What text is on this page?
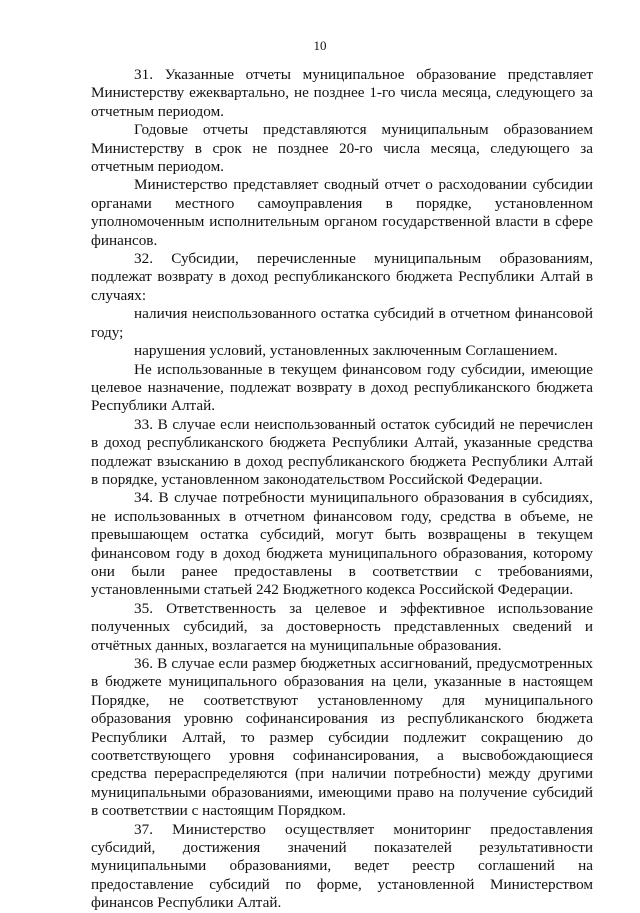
10

31. Указанные отчеты муниципальное образование представляет Министерству ежеквартально, не позднее 1-го числа месяца, следующего за отчетным периодом.

Годовые отчеты представляются муниципальным образованием Министерству в срок не позднее 20-го числа месяца, следующего за отчетным периодом.

Министерство представляет сводный отчет о расходовании субсидии органами местного самоуправления в порядке, установленном уполномоченным исполнительным органом государственной власти в сфере финансов.

32. Субсидии, перечисленные муниципальным образованиям, подлежат возврату в доход республиканского бюджета Республики Алтай в случаях:

наличия неиспользованного остатка субсидий в отчетном финансовой году;

нарушения условий, установленных заключенным Соглашением.

Не использованные в текущем финансовом году субсидии, имеющие целевое назначение, подлежат возврату в доход республиканского бюджета Республики Алтай.

33. В случае если неиспользованный остаток субсидий не перечислен в доход республиканского бюджета Республики Алтай, указанные средства подлежат взысканию в доход республиканского бюджета Республики Алтай в порядке, установленном законодательством Российской Федерации.

34. В случае потребности муниципального образования в субсидиях, не использованных в отчетном финансовом году, средства в объеме, не превышающем остатка субсидий, могут быть возвращены в текущем финансовом году в доход бюджета муниципального образования, которому они были ранее предоставлены в соответствии с требованиями, установленными статьей 242 Бюджетного кодекса Российской Федерации.

35. Ответственность за целевое и эффективное использование полученных субсидий, за достоверность представленных сведений и отчётных данных, возлагается на муниципальные образования.

36. В случае если размер бюджетных ассигнований, предусмотренных в бюджете муниципального образования на цели, указанные в настоящем Порядке, не соответствуют установленному для муниципального образования уровню софинансирования из республиканского бюджета Республики Алтай, то размер субсидии подлежит сокращению до соответствующего уровня софинансирования, а высвобождающиеся средства перераспределяются (при наличии потребности) между другими муниципальными образованиями, имеющими право на получение субсидий в соответствии с настоящим Порядком.

37. Министерство осуществляет мониторинг предоставления субсидий, достижения значений показателей результативности муниципальными образованиями, ведет реестр соглашений на предоставление субсидий по форме, установленной Министерством финансов Республики Алтай.
